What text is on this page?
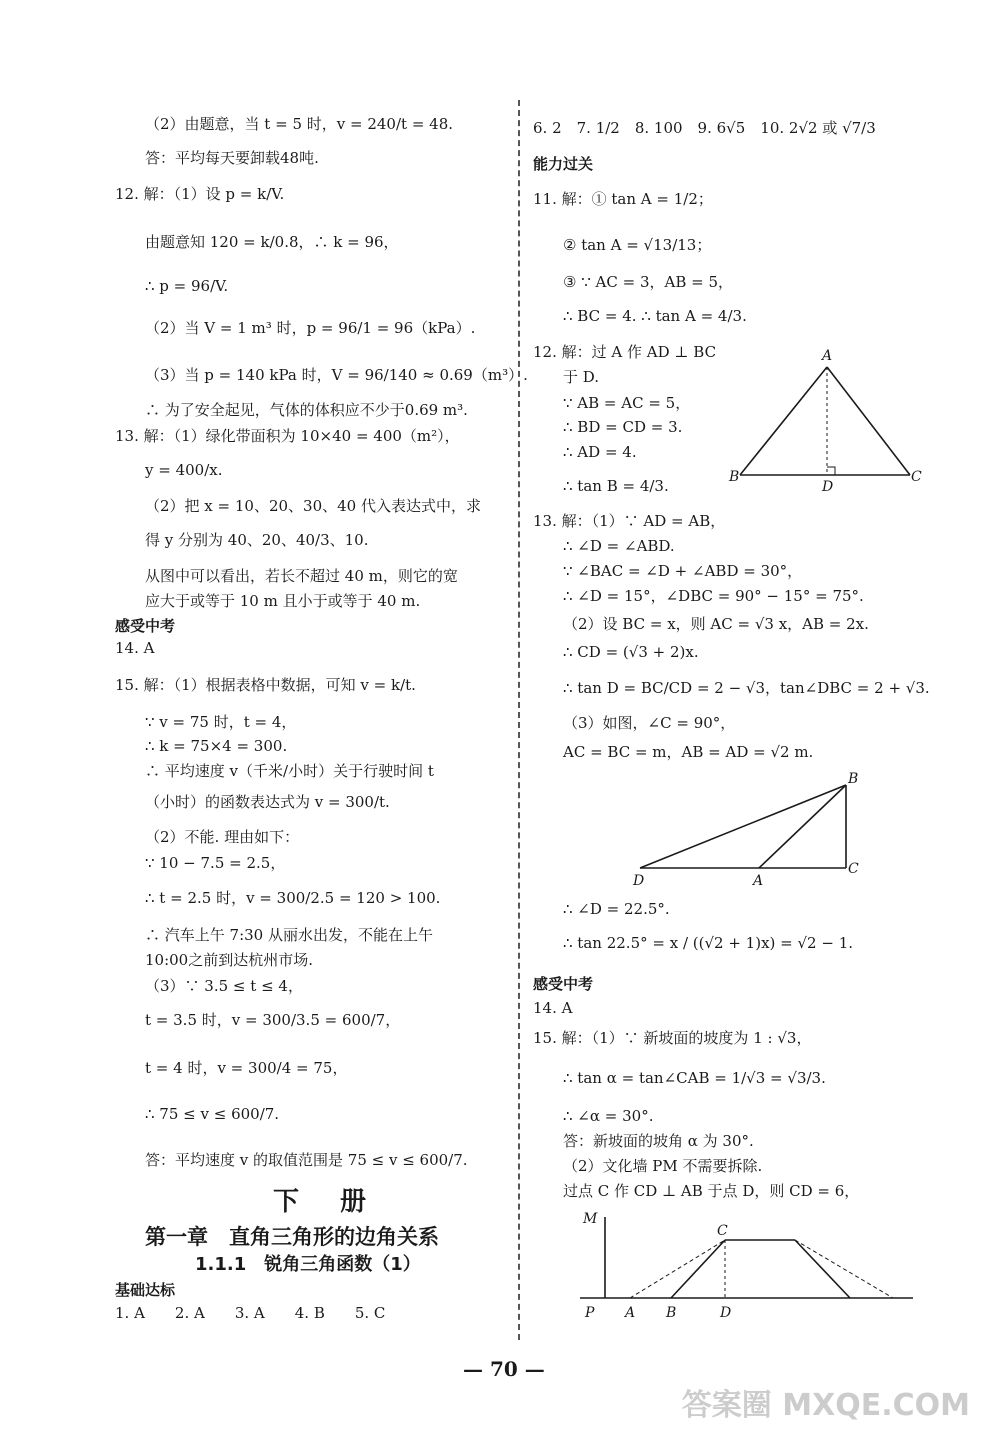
（2）由题意，当 t = 5 时，v = 240/t = 48.
答：平均每天要卸载48吨.
12. 解：（1）设 p = k/V.
由题意知 120 = k/0.8，∴ k = 96，
∴ p = 96/V.
（2）当 V = 1 m³ 时，p = 96/1 = 96（kPa）.
（3）当 p = 140 kPa 时，V = 96/140 ≈ 0.69（m³）.
∴ 为了安全起见，气体的体积应不少于0.69 m³.
13. 解：（1）绿化带面积为 10×40 = 400（m²），
y = 400/x.
（2）把 x = 10、20、30、40 代入表达式中，求
得 y 分别为 40、20、40/3、10.
从图中可以看出，若长不超过 40 m，则它的宽
应大于或等于 10 m 且小于或等于 40 m.
感受中考
14. A
15. 解：（1）根据表格中数据，可知 v = k/t.
∵ v = 75 时，t = 4，
∴ k = 75×4 = 300.
∴ 平均速度 v（千米/小时）关于行驶时间 t
（小时）的函数表达式为 v = 300/t.
（2）不能. 理由如下：
∵ 10 − 7.5 = 2.5，
∴ t = 2.5 时，v = 300/2.5 = 120 > 100.
∴ 汽车上午 7:30 从丽水出发，不能在上午
10:00之前到达杭州市场.
（3）∵ 3.5 ≤ t ≤ 4，
t = 3.5 时，v = 300/3.5 = 600/7，
t = 4 时，v = 300/4 = 75，
∴ 75 ≤ v ≤ 600/7.
答：平均速度 v 的取值范围是 75 ≤ v ≤ 600/7.
下 册
第一章　直角三角形的边角关系
1.1.1　锐角三角函数（1）
基础达标
1. A　　2. A　　3. A　　4. B　　5. C
6. 2　7. 1/2　8. 100　9. 6√5　10. 2√2 或 √7/3
能力过关
11. 解：① tan A = 1/2；
② tan A = √13/13；
③ ∵ AC = 3，AB = 5，
∴ BC = 4. ∴ tan A = 4/3.
12. 解：过 A 作 AD ⊥ BC
于 D.
∵ AB = AC = 5，
∴ BD = CD = 3.
∴ AD = 4.
∴ tan B = 4/3.
13. 解：（1）∵ AD = AB，
∴ ∠D = ∠ABD.
∵ ∠BAC = ∠D + ∠ABD = 30°，
∴ ∠D = 15°，∠DBC = 90° − 15° = 75°.
（2）设 BC = x，则 AC = √3 x，AB = 2x.
∴ CD = (√3 + 2)x.
∴ tan D = BC/CD = 2 − √3，tan∠DBC = 2 + √3.
（3）如图，∠C = 90°，
AC = BC = m，AB = AD = √2 m.
∴ ∠D = 22.5°.
∴ tan 22.5° = x / ((√2 + 1)x) = √2 − 1.
感受中考
14. A
15. 解：（1）∵ 新坡面的坡度为 1 : √3，
∴ tan α = tan∠CAB = 1/√3 = √3/3.
∴ ∠α = 30°.
答：新坡面的坡角 α 为 30°.
（2）文化墙 PM 不需要拆除.
过点 C 作 CD ⊥ AB 于点 D，则 CD = 6，
A
B	C
D
B
C
D	A
M
C
P A B	D
— 70 —
答案圈 MXQE.COM
